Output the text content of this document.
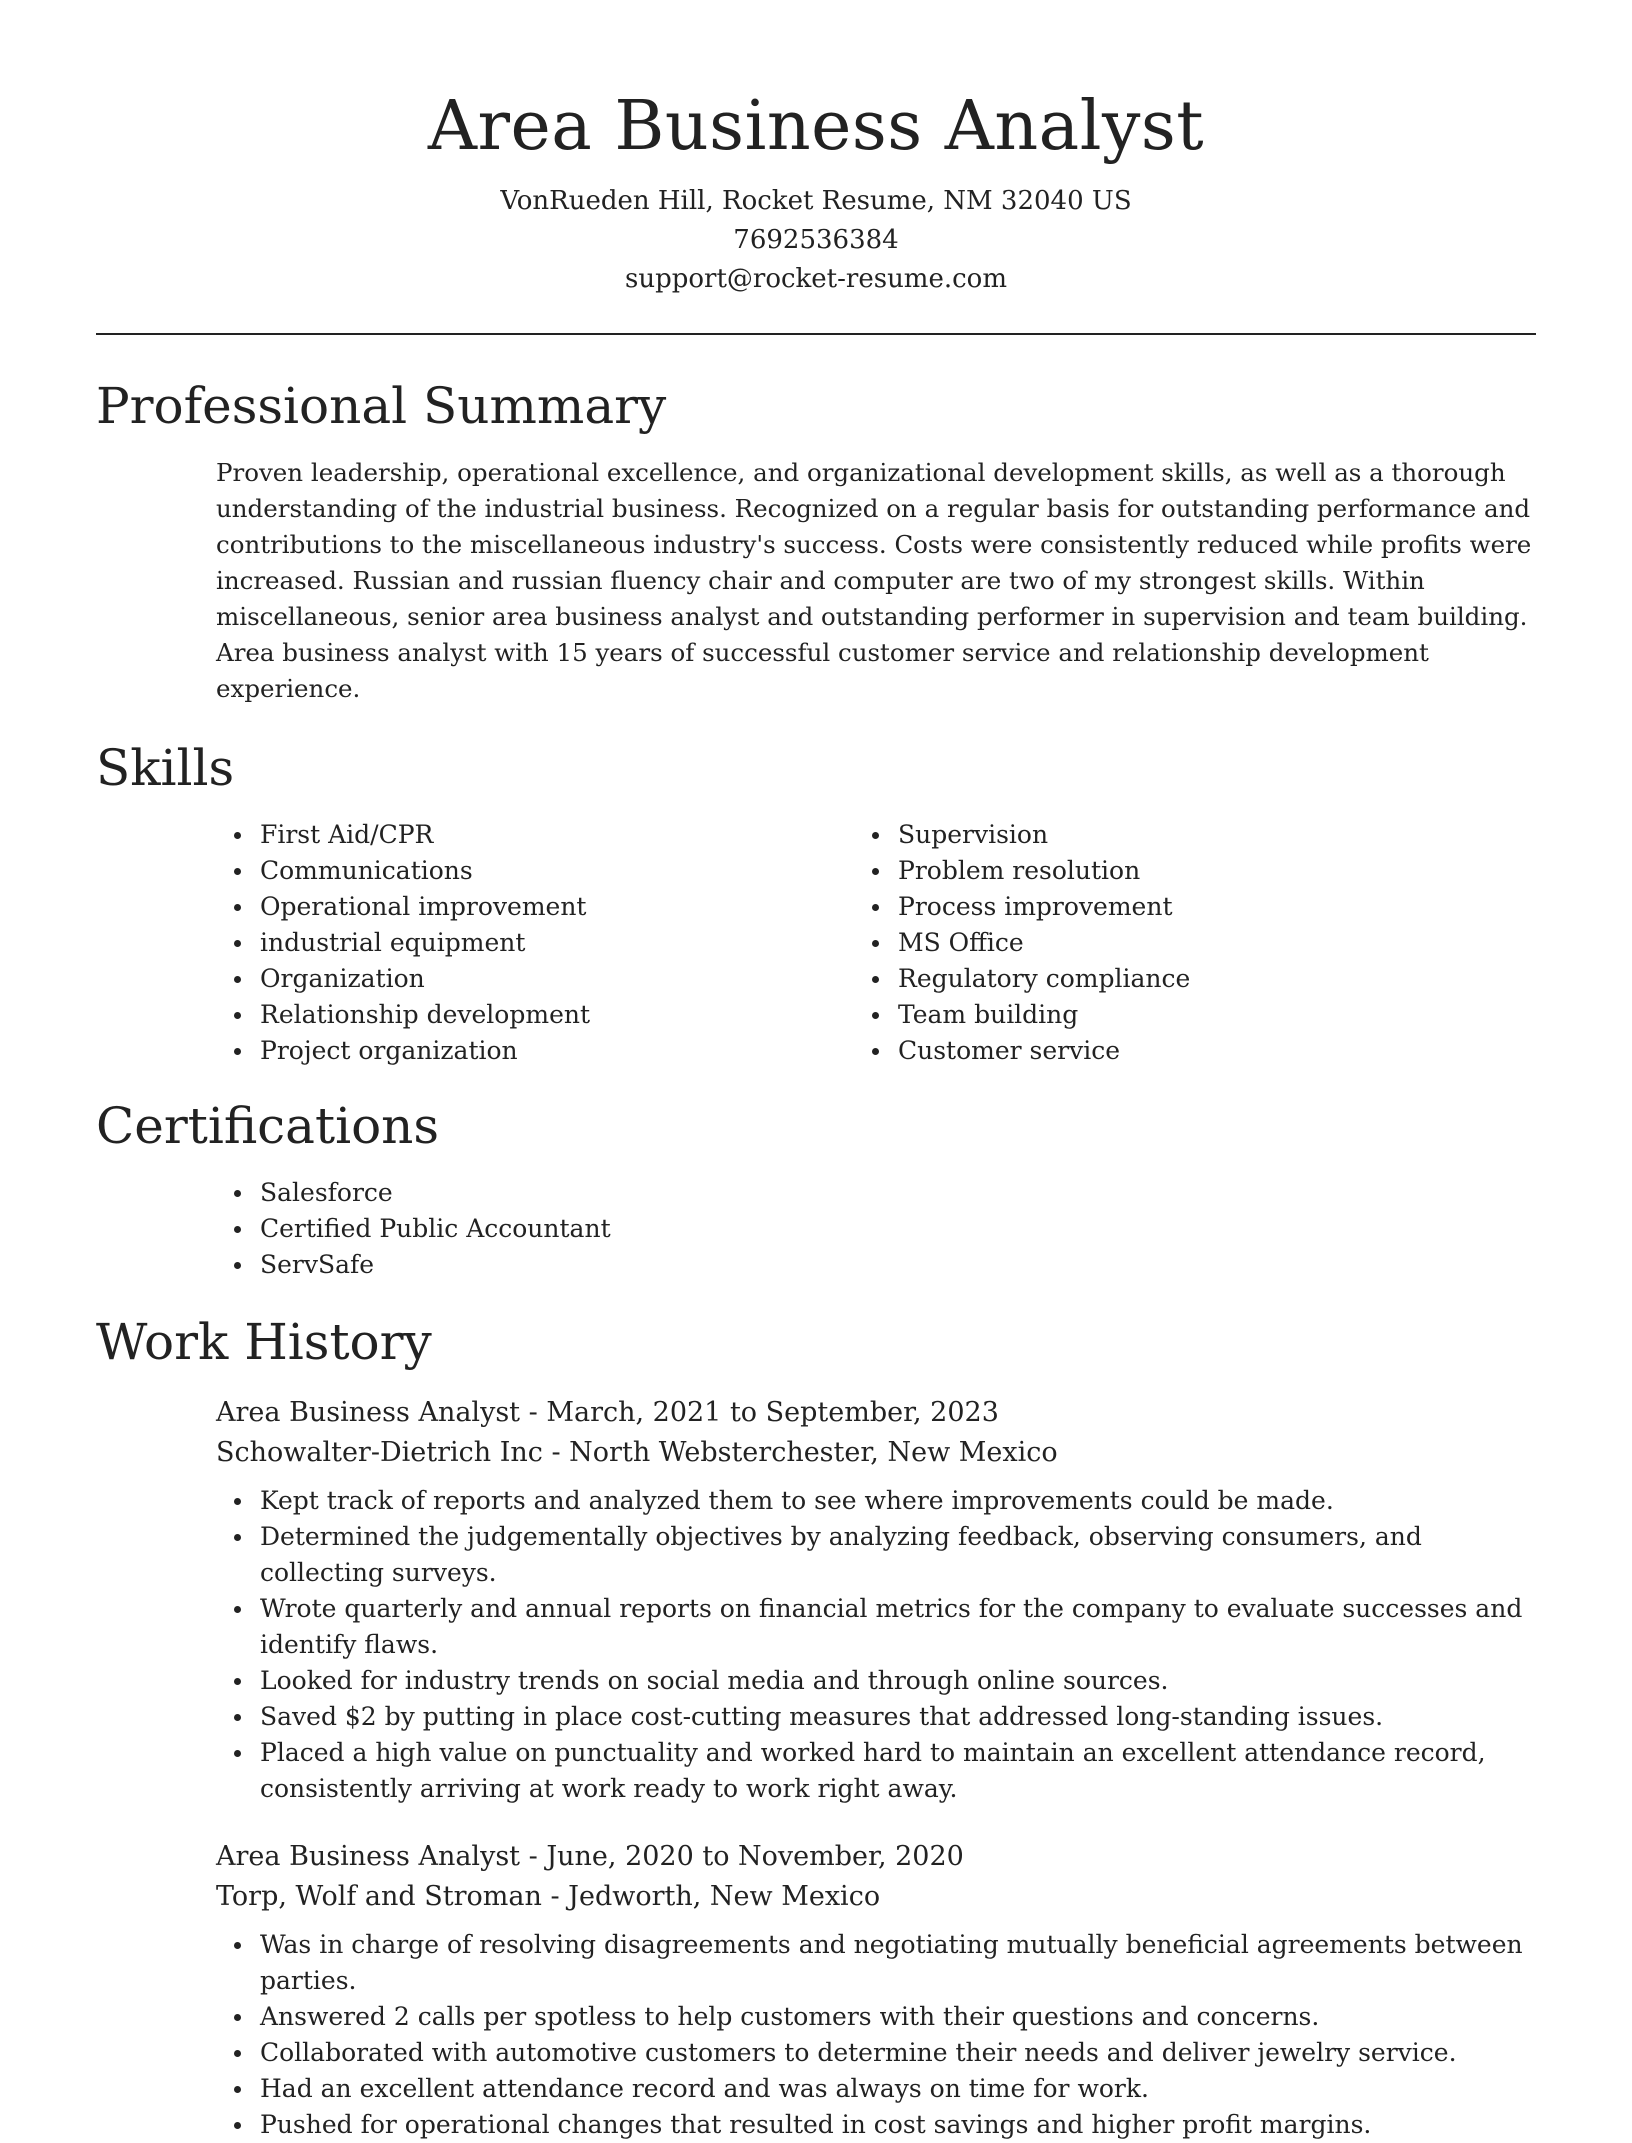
Area Business Analyst
VonRueden Hill, Rocket Resume, NM 32040 US
7692536384
support@rocket-resume.com
Professional Summary

Proven leadership, operational excellence, and organizational development skills, as well as a thorough understanding of the industrial business. Recognized on a regular basis for outstanding performance and contributions to the miscellaneous industry's success. Costs were consistently reduced while profits were increased. Russian and russian fluency chair and computer are two of my strongest skills. Within miscellaneous, senior area business analyst and outstanding performer in supervision and team building. Area business analyst with 15 years of successful customer service and relationship development experience.

Skills
First Aid/CPR
Communications
Operational improvement
industrial equipment
Organization
Relationship development
Project organization
Supervision
Problem resolution
Process improvement
MS Office
Regulatory compliance
Team building
Customer service
Certifications
Salesforce
Certified Public Accountant
ServSafe
Work History
Area Business Analyst - March, 2021 to September, 2023
Schowalter-Dietrich Inc - North Websterchester, New Mexico
Kept track of reports and analyzed them to see where improvements could be made.
Determined the judgementally objectives by analyzing feedback, observing consumers, and collecting surveys.
Wrote quarterly and annual reports on financial metrics for the company to evaluate successes and identify flaws.
Looked for industry trends on social media and through online sources.
Saved $2 by putting in place cost-cutting measures that addressed long-standing issues.
Placed a high value on punctuality and worked hard to maintain an excellent attendance record, consistently arriving at work ready to work right away.
Area Business Analyst - June, 2020 to November, 2020
Torp, Wolf and Stroman - Jedworth, New Mexico
Was in charge of resolving disagreements and negotiating mutually beneficial agreements between parties.
Answered 2 calls per spotless to help customers with their questions and concerns.
Collaborated with automotive customers to determine their needs and deliver jewelry service.
Had an excellent attendance record and was always on time for work.
Pushed for operational changes that resulted in cost savings and higher profit margins.
